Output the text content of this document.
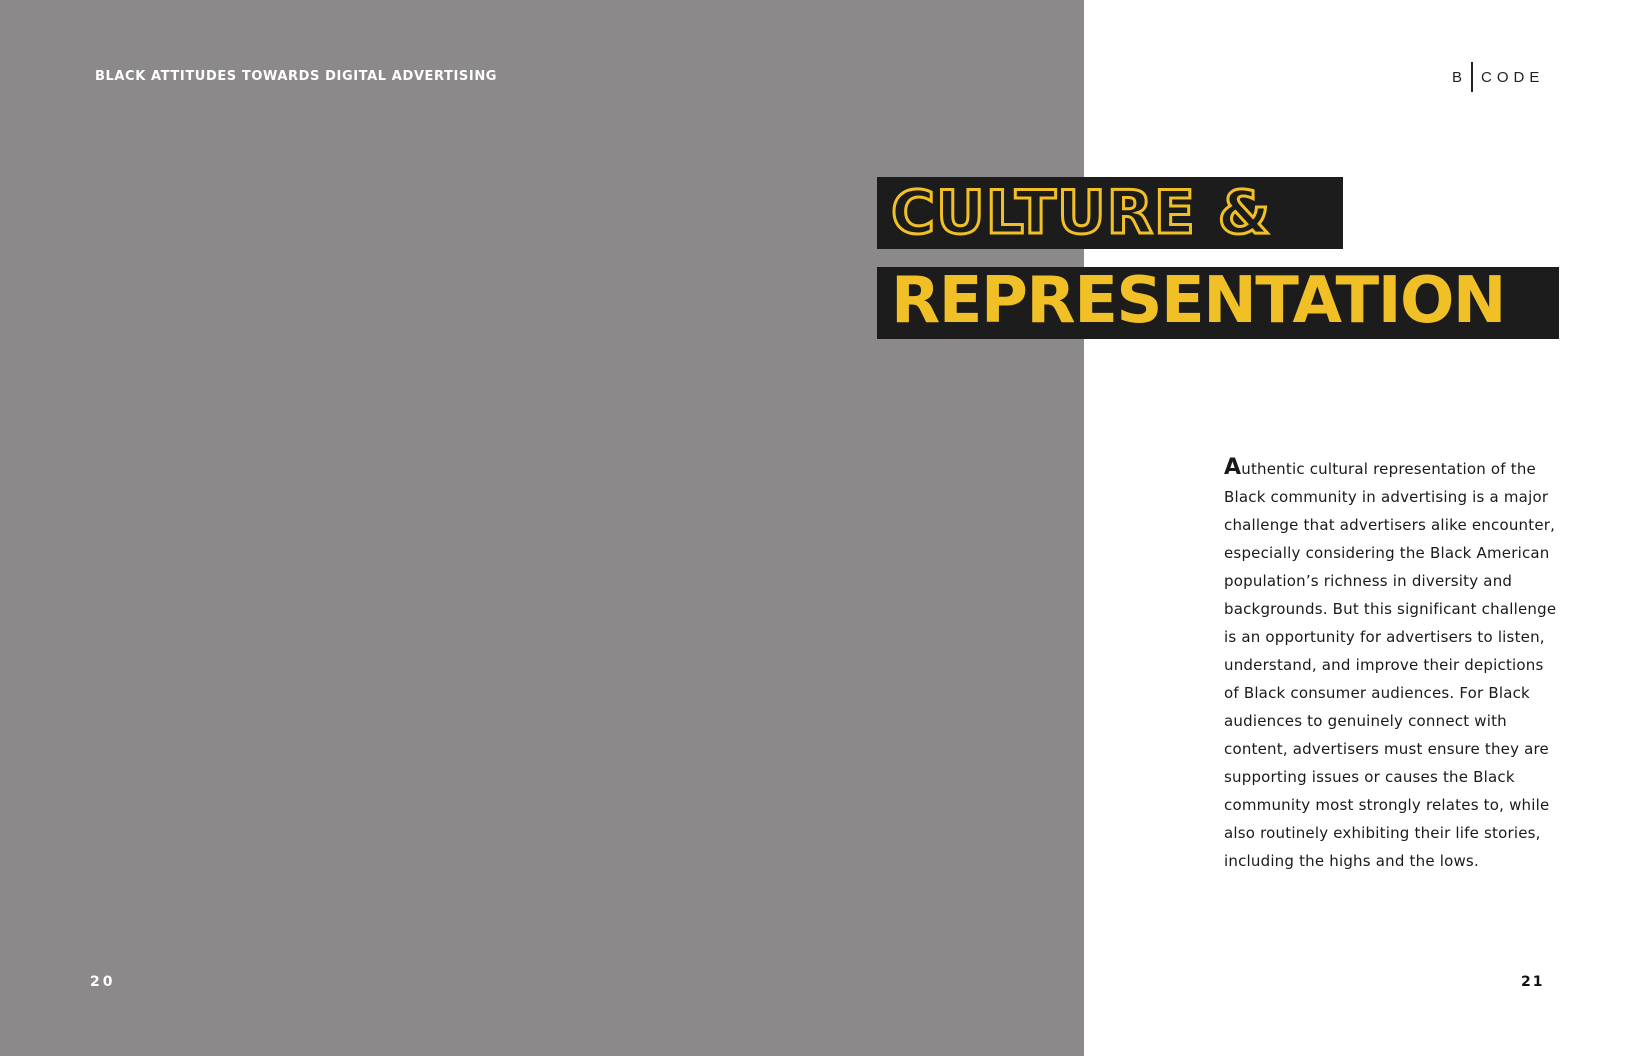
BLACK ATTITUDES TOWARDS DIGITAL ADVERTISING	B CODE
CULTURE &
REPRESENTATION
Authentic cultural representation of the
Black community in advertising is a major
challenge that advertisers alike encounter,
especially considering the Black American
population’s richness in diversity and
backgrounds. But this significant challenge
is an opportunity for advertisers to listen,
understand, and improve their depictions
of Black consumer audiences. For Black
audiences to genuinely connect with
content, advertisers must ensure they are
supporting issues or causes the Black
community most strongly relates to, while
also routinely exhibiting their life stories,
including the highs and the lows.
20	21
